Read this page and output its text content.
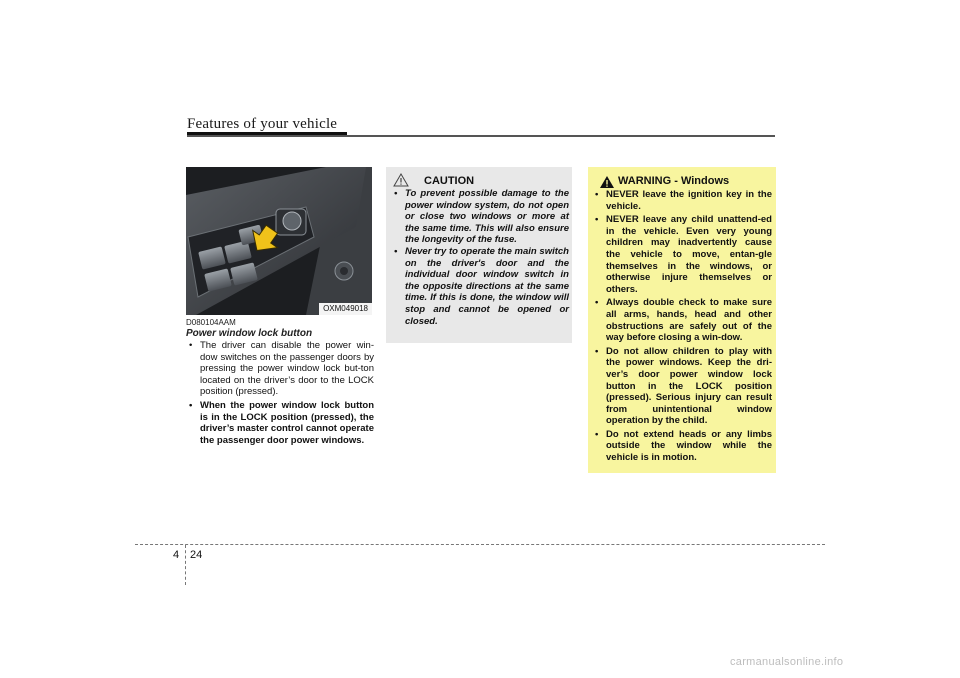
Features of your vehicle
OXM049018
D080104AAM
Power window lock button
• The driver can disable the power win-dow switches on the passenger doors by pressing the power window lock but-ton located on the driver’s door to the LOCK position (pressed).
• When the power window lock button is in the LOCK position (pressed), the driver’s master control cannot operate the passenger door power windows.
CAUTION
• To prevent possible damage to the power window system, do not open or close two windows or more at the same time. This will also ensure the longevity of the fuse.
• Never try to operate the main switch on the driver's door and the individual door window switch in the opposite directions at the same time. If this is done, the window will stop and cannot be opened or closed.
WARNING - Windows
• NEVER leave the ignition key in the vehicle.
• NEVER leave any child unattend-ed in the vehicle. Even very young children may inadvertently cause the vehicle to move, entan-gle themselves in the windows, or otherwise injure themselves or others.
• Always double check to make sure all arms, hands, head and other obstructions are safely out of the way before closing a win-dow.
• Do not allow children to play with the power windows. Keep the dri-ver’s door power window lock button in the LOCK position (pressed). Serious injury can result from unintentional window operation by the child.
• Do not extend heads or any limbs outside the window while the vehicle is in motion.
4 24
carmanualsonline.info
